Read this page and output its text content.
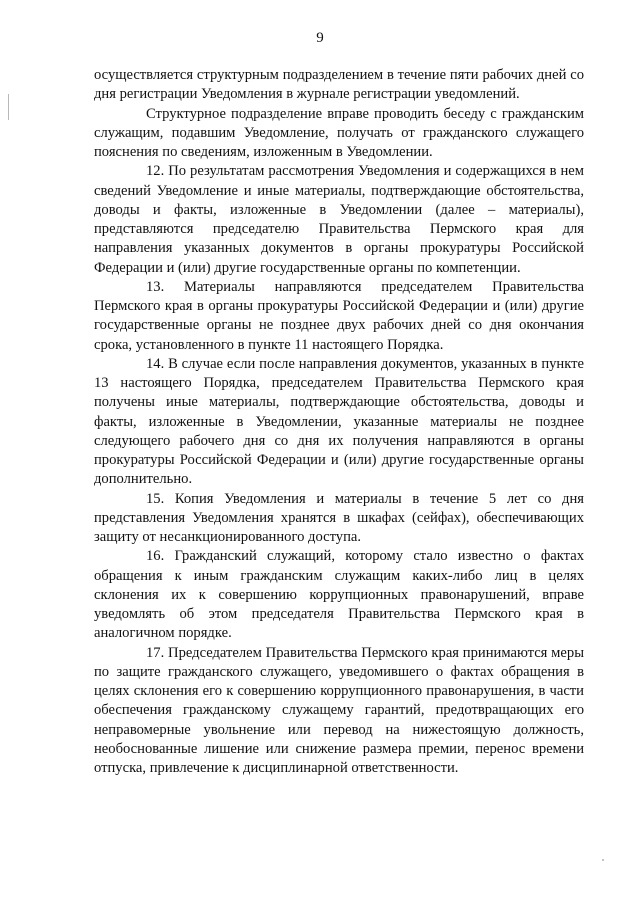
9

осуществляется структурным подразделением в течение пяти рабочих дней со дня регистрации Уведомления в журнале регистрации уведомлений.

Структурное подразделение вправе проводить беседу с гражданским служащим, подавшим Уведомление, получать от гражданского служащего пояснения по сведениям, изложенным в Уведомлении.

12. По результатам рассмотрения Уведомления и содержащихся в нем сведений Уведомление и иные материалы, подтверждающие обстоятельства, доводы и факты, изложенные в Уведомлении (далее – материалы), представляются председателю Правительства Пермского края для направления указанных документов в органы прокуратуры Российской Федерации и (или) другие государственные органы по компетенции.

13. Материалы направляются председателем Правительства Пермского края в органы прокуратуры Российской Федерации и (или) другие государственные органы не позднее двух рабочих дней со дня окончания срока, установленного в пункте 11 настоящего Порядка.

14. В случае если после направления документов, указанных в пункте 13 настоящего Порядка, председателем Правительства Пермского края получены иные материалы, подтверждающие обстоятельства, доводы и факты, изложенные в Уведомлении, указанные материалы не позднее следующего рабочего дня со дня их получения направляются в органы прокуратуры Российской Федерации и (или) другие государственные органы дополнительно.

15. Копия Уведомления и материалы в течение 5 лет со дня представления Уведомления хранятся в шкафах (сейфах), обеспечивающих защиту от несанкционированного доступа.

16. Гражданский служащий, которому стало известно о фактах обращения к иным гражданским служащим каких-либо лиц в целях склонения их к совершению коррупционных правонарушений, вправе уведомлять об этом председателя Правительства Пермского края в аналогичном порядке.

17. Председателем Правительства Пермского края принимаются меры по защите гражданского служащего, уведомившего о фактах обращения в целях склонения его к совершению коррупционного правонарушения, в части обеспечения гражданскому служащему гарантий, предотвращающих его неправомерные увольнение или перевод на нижестоящую должность, необоснованные лишение или снижение размера премии, перенос времени отпуска, привлечение к дисциплинарной ответственности.
